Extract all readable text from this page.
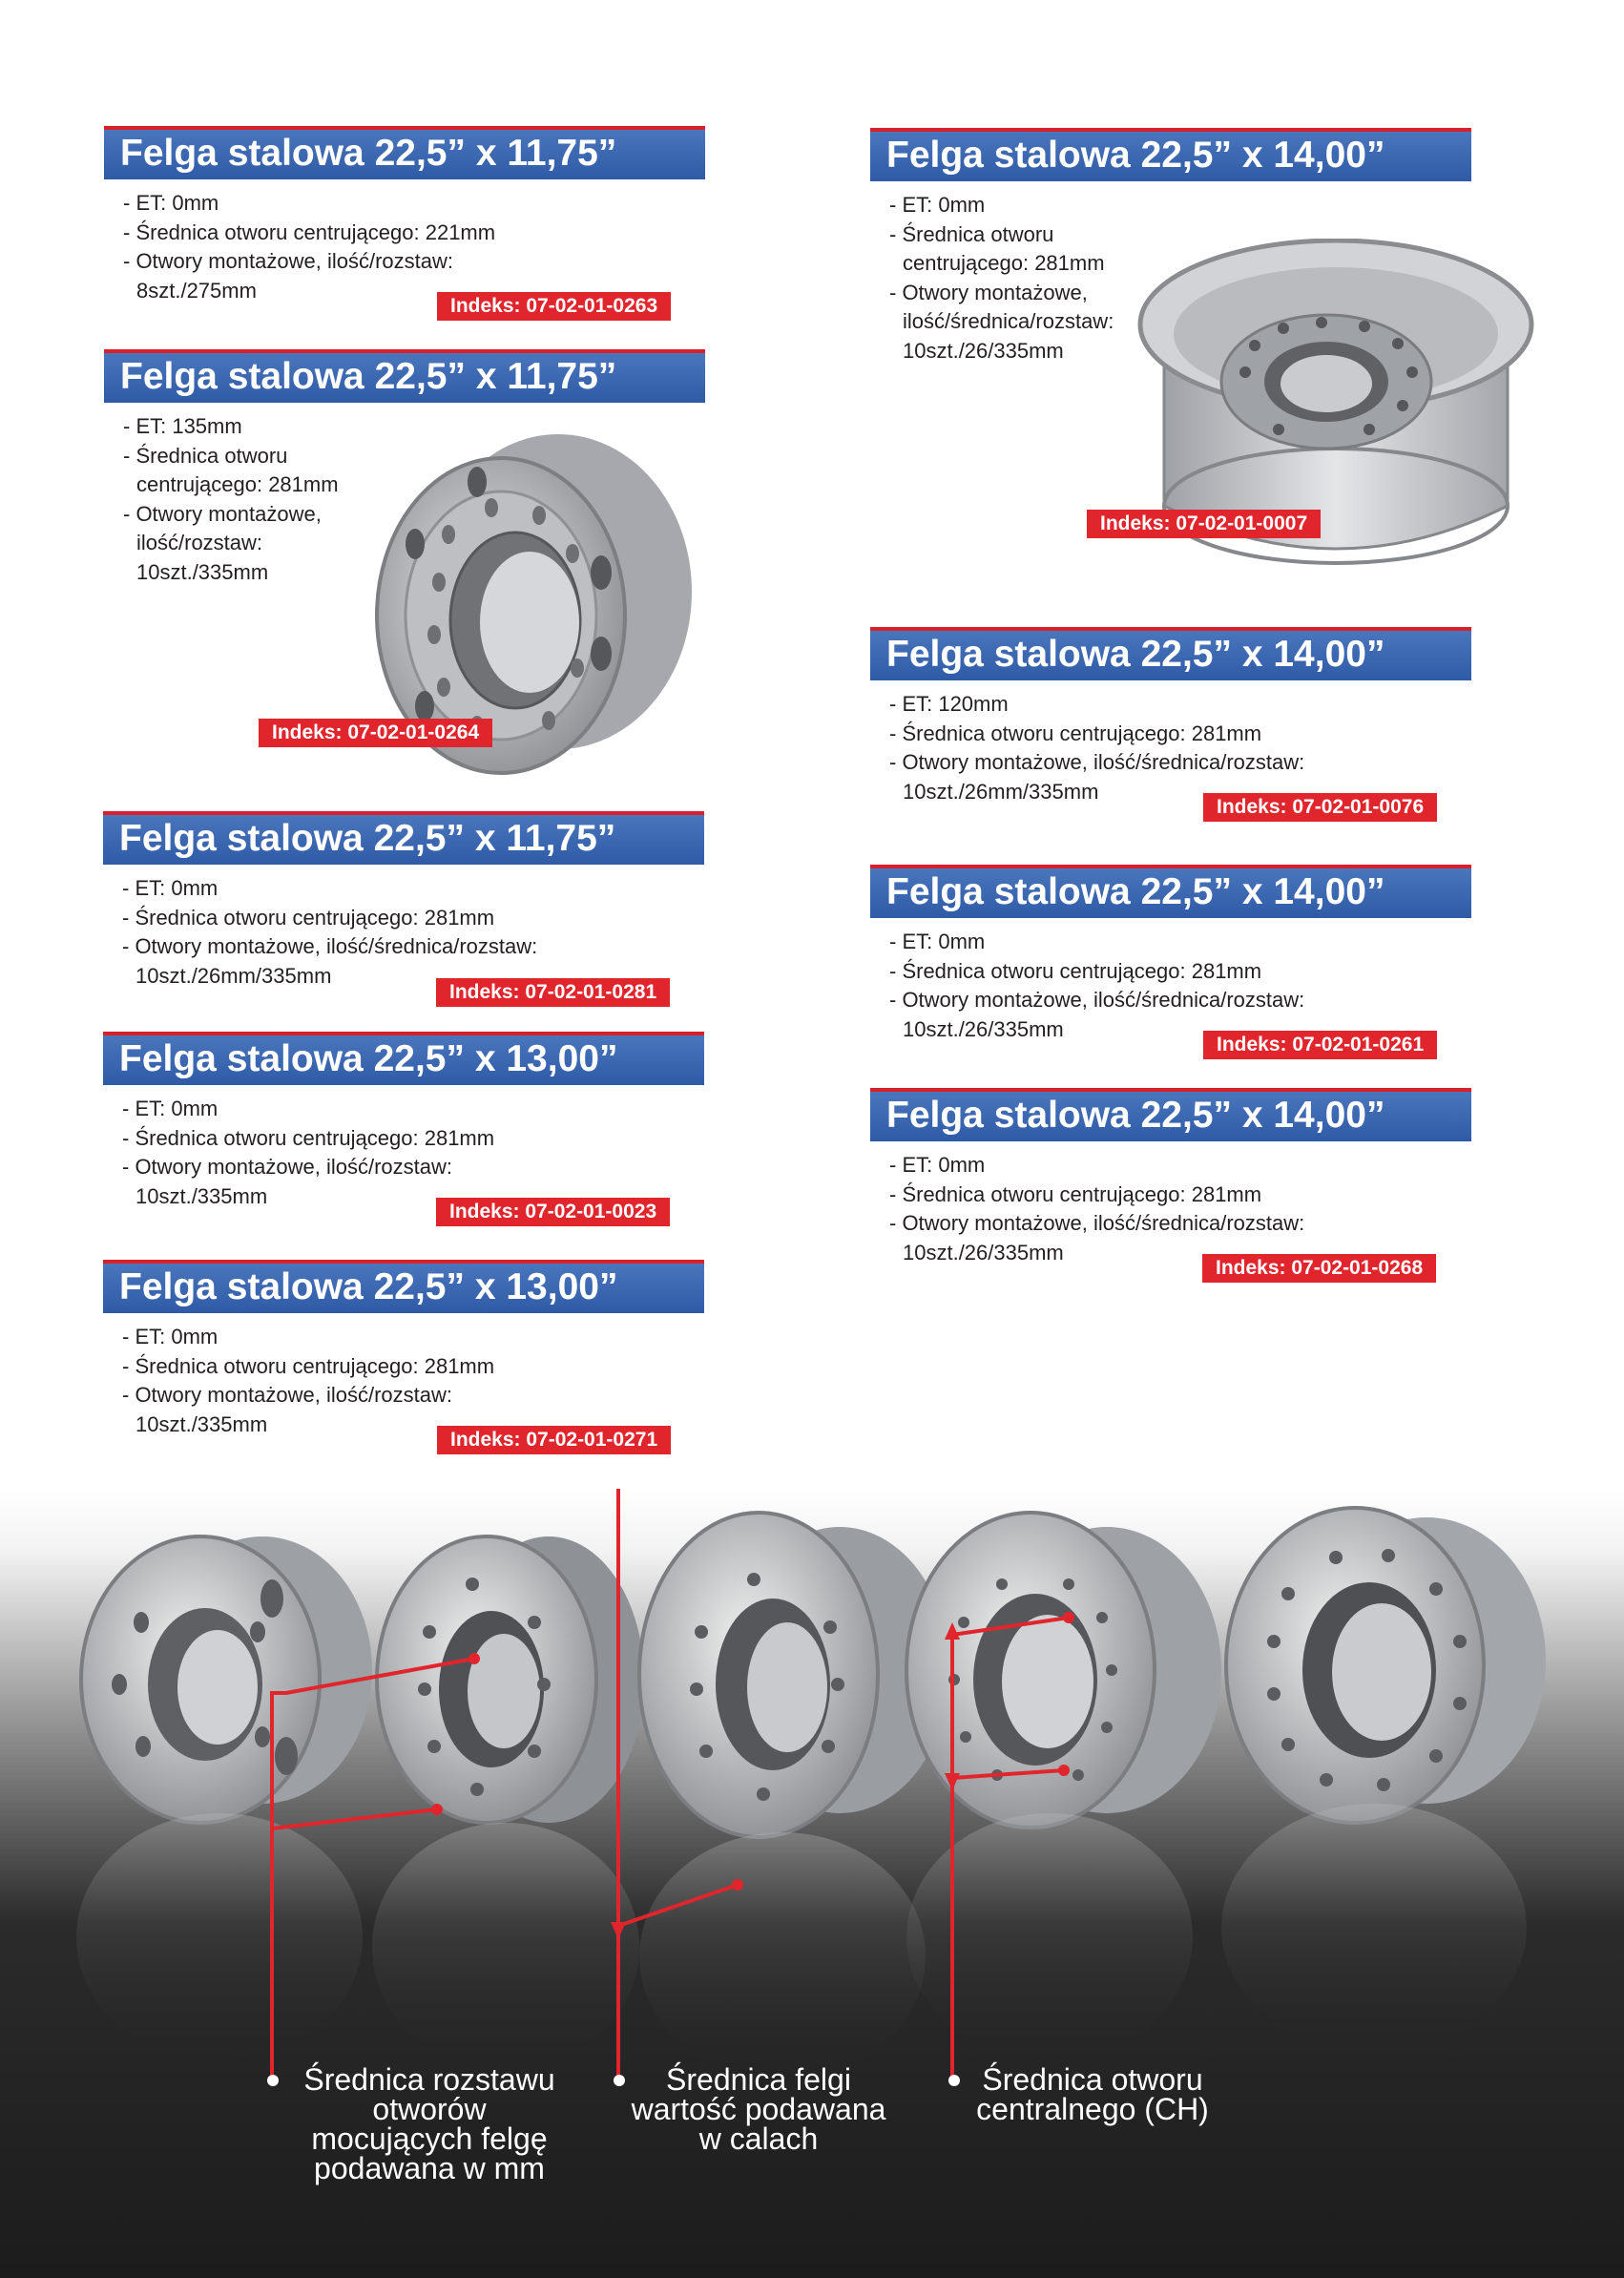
Felga stalowa 22,5” x 11,75”
- ET: 0mm
- Średnica otworu centrującego: 221mm
- Otwory montażowe, ilość/rozstaw:
8szt./275mm
Indeks: 07-02-01-0263
Felga stalowa 22,5” x 11,75”
- ET: 135mm
- Średnica otworu
centrującego: 281mm
- Otwory montażowe,
ilość/rozstaw:
10szt./335mm
Indeks: 07-02-01-0264
Felga stalowa 22,5” x 11,75”
- ET: 0mm
- Średnica otworu centrującego: 281mm
- Otwory montażowe, ilość/średnica/rozstaw:
10szt./26mm/335mm
Indeks: 07-02-01-0281
Felga stalowa 22,5” x 13,00”
- ET: 0mm
- Średnica otworu centrującego: 281mm
- Otwory montażowe, ilość/rozstaw:
10szt./335mm
Indeks: 07-02-01-0023
Felga stalowa 22,5” x 13,00”
- ET: 0mm
- Średnica otworu centrującego: 281mm
- Otwory montażowe, ilość/rozstaw:
10szt./335mm
Indeks: 07-02-01-0271
Felga stalowa 22,5” x 14,00”
- ET: 0mm
- Średnica otworu
centrującego: 281mm
- Otwory montażowe,
ilość/średnica/rozstaw:
10szt./26/335mm
Indeks: 07-02-01-0007
Felga stalowa 22,5” x 14,00”
- ET: 120mm
- Średnica otworu centrującego: 281mm
- Otwory montażowe, ilość/średnica/rozstaw:
10szt./26mm/335mm
Indeks: 07-02-01-0076
Felga stalowa 22,5” x 14,00”
- ET: 0mm
- Średnica otworu centrującego: 281mm
- Otwory montażowe, ilość/średnica/rozstaw:
10szt./26/335mm
Indeks: 07-02-01-0261
Felga stalowa 22,5” x 14,00”
- ET: 0mm
- Średnica otworu centrującego: 281mm
- Otwory montażowe, ilość/średnica/rozstaw:
10szt./26/335mm
Indeks: 07-02-01-0268
Średnica rozstawu
otworów
mocujących felgę
podawana w mm
Średnica felgi
wartość podawana
w calach
Średnica otworu
centralnego (CH)
